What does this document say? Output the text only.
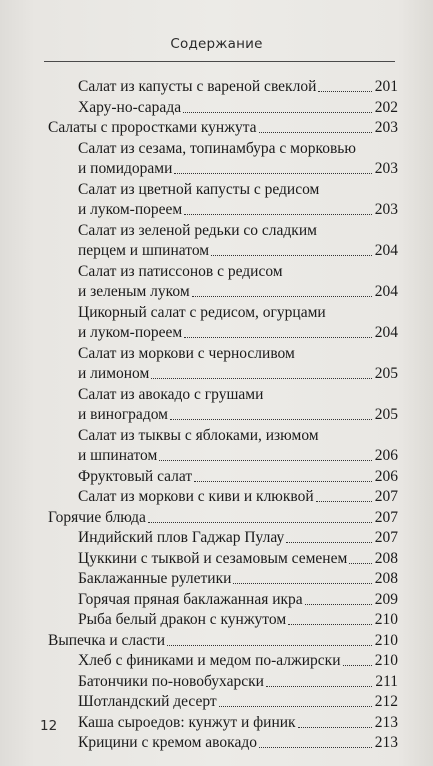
Содержание
Салат из капусты с вареной свеклой	201
Хару-но-сарада	202
Салаты с проростками кунжута	203
Салат из сезама, топинамбура с морковью
и помидорами	203
Салат из цветной капусты с редисом
и луком-пореем	203
Салат из зеленой редьки со сладким
перцем и шпинатом	204
Салат из патиссонов с редисом
и зеленым луком	204
Цикорный салат с редисом, огурцами
и луком-пореем	204
Салат из моркови с черносливом
и лимоном	205
Салат из авокадо с грушами
и виноградом	205
Салат из тыквы с яблоками, изюмом
и шпинатом	206
Фруктовый салат	206
Салат из моркови с киви и клюквой	207
Горячие блюда	207
Индийский плов Гаджар Пулау	207
Цуккини с тыквой и сезамовым семенем 208
Баклажанные рулетики	208
Горячая пряная баклажанная икра	209
Рыба белый дракон с кунжутом	210
Выпечка и сласти	210
Хлеб с финиками и медом по-алжирски 210
Батончики по-новобухарски	211
Шотландский десерт	212
Каша сыроедов: кунжут и финик	213
Крицини с кремом авокадо	213
12
